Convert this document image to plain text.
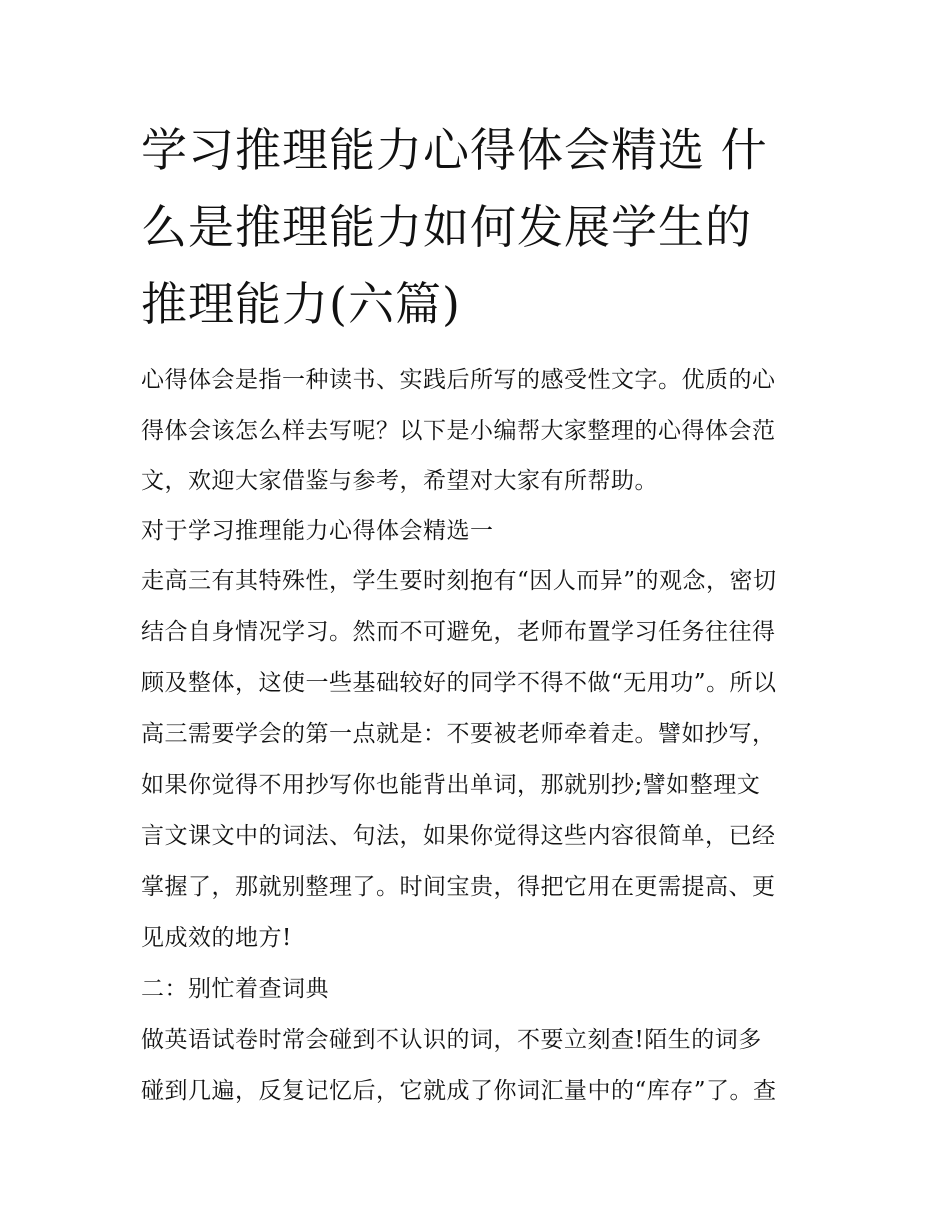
学习推理能力心得体会精选 什
么是推理能力如何发展学生的
推理能力(六篇)

心得体会是指一种读书、实践后所写的感受性文字。优质的心

得体会该怎么样去写呢？以下是小编帮大家整理的心得体会范

文，欢迎大家借鉴与参考，希望对大家有所帮助。

对于学习推理能力心得体会精选一

走高三有其特殊性，学生要时刻抱有“因人而异”的观念，密切

结合自身情况学习。然而不可避免，老师布置学习任务往往得

顾及整体，这使一些基础较好的同学不得不做“无用功”。所以

高三需要学会的第一点就是：不要被老师牵着走。譬如抄写，

如果你觉得不用抄写你也能背出单词，那就别抄;譬如整理文

言文课文中的词法、句法，如果你觉得这些内容很简单，已经

掌握了，那就别整理了。时间宝贵，得把它用在更需提高、更

见成效的地方!

二：别忙着查词典

做英语试卷时常会碰到不认识的词，不要立刻查!陌生的词多

碰到几遍，反复记忆后，它就成了你词汇量中的“库存”了。查
